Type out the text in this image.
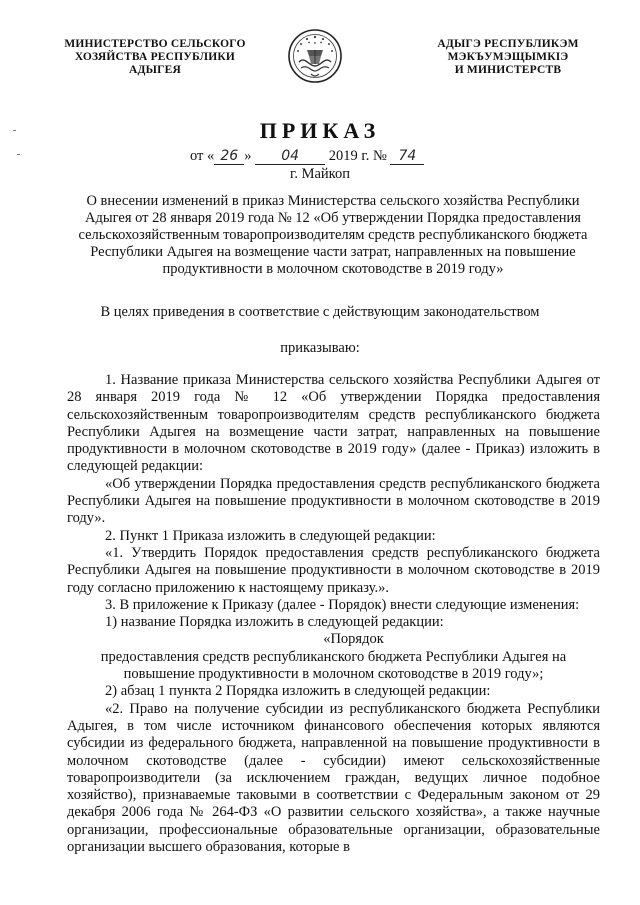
МИНИСТЕРСТВО СЕЛЬСКОГО
ХОЗЯЙСТВА РЕСПУБЛИКИ
АДЫГЕЯ
АДЫГЭ РЕСПУБЛИКЭМ
МЭКЪУМЭЩЫМКIЭ
И МИНИСТЕРСТВ
ПРИКАЗ
от « 26 » 04 2019 г. № 74
г. Майкоп
О внесении изменений в приказ Министерства сельского хозяйства Республики Адыгея от 28 января 2019 года № 12 «Об утверждении Порядка предоставления сельскохозяйственным товаропроизводителям средств республиканского бюджета Республики Адыгея на возмещение части затрат, направленных на повышение продуктивности в молочном скотоводстве в 2019 году»
В целях приведения в соответствие с действующим законодательством
приказываю:

1. Название приказа Министерства сельского хозяйства Республики Адыгея от 28 января 2019 года № 12 «Об утверждении Порядка предоставления сельскохозяйственным товаропроизводителям средств республиканского бюджета Республики Адыгея на возмещение части затрат, направленных на повышение продуктивности в молочном скотоводстве в 2019 году» (далее - Приказ) изложить в следующей редакции:

«Об утверждении Порядка предоставления средств республиканского бюджета Республики Адыгея на повышение продуктивности в молочном скотоводстве в 2019 году».

2. Пункт 1 Приказа изложить в следующей редакции:

«1. Утвердить Порядок предоставления средств республиканского бюджета Республики Адыгея на повышение продуктивности в молочном скотоводстве в 2019 году согласно приложению к настоящему приказу.».

3. В приложение к Приказу (далее - Порядок) внести следующие изменения:

1) название Порядка изложить в следующей редакции:

«Порядок

предоставления средств республиканского бюджета Республики Адыгея на повышение продуктивности в молочном скотоводстве в 2019 году»;

2) абзац 1 пункта 2 Порядка изложить в следующей редакции:

«2. Право на получение субсидии из республиканского бюджета Республики Адыгея, в том числе источником финансового обеспечения которых являются субсидии из федерального бюджета, направленной на повышение продуктивности в молочном скотоводстве (далее - субсидии) имеют сельскохозяйственные товаропроизводители (за исключением граждан, ведущих личное подобное хозяйство), признаваемые таковыми в соответствии с Федеральным законом от 29 декабря 2006 года № 264-ФЗ «О развитии сельского хозяйства», а также научные организации, профессиональные образовательные организации, образовательные организации высшего образования, которые в
